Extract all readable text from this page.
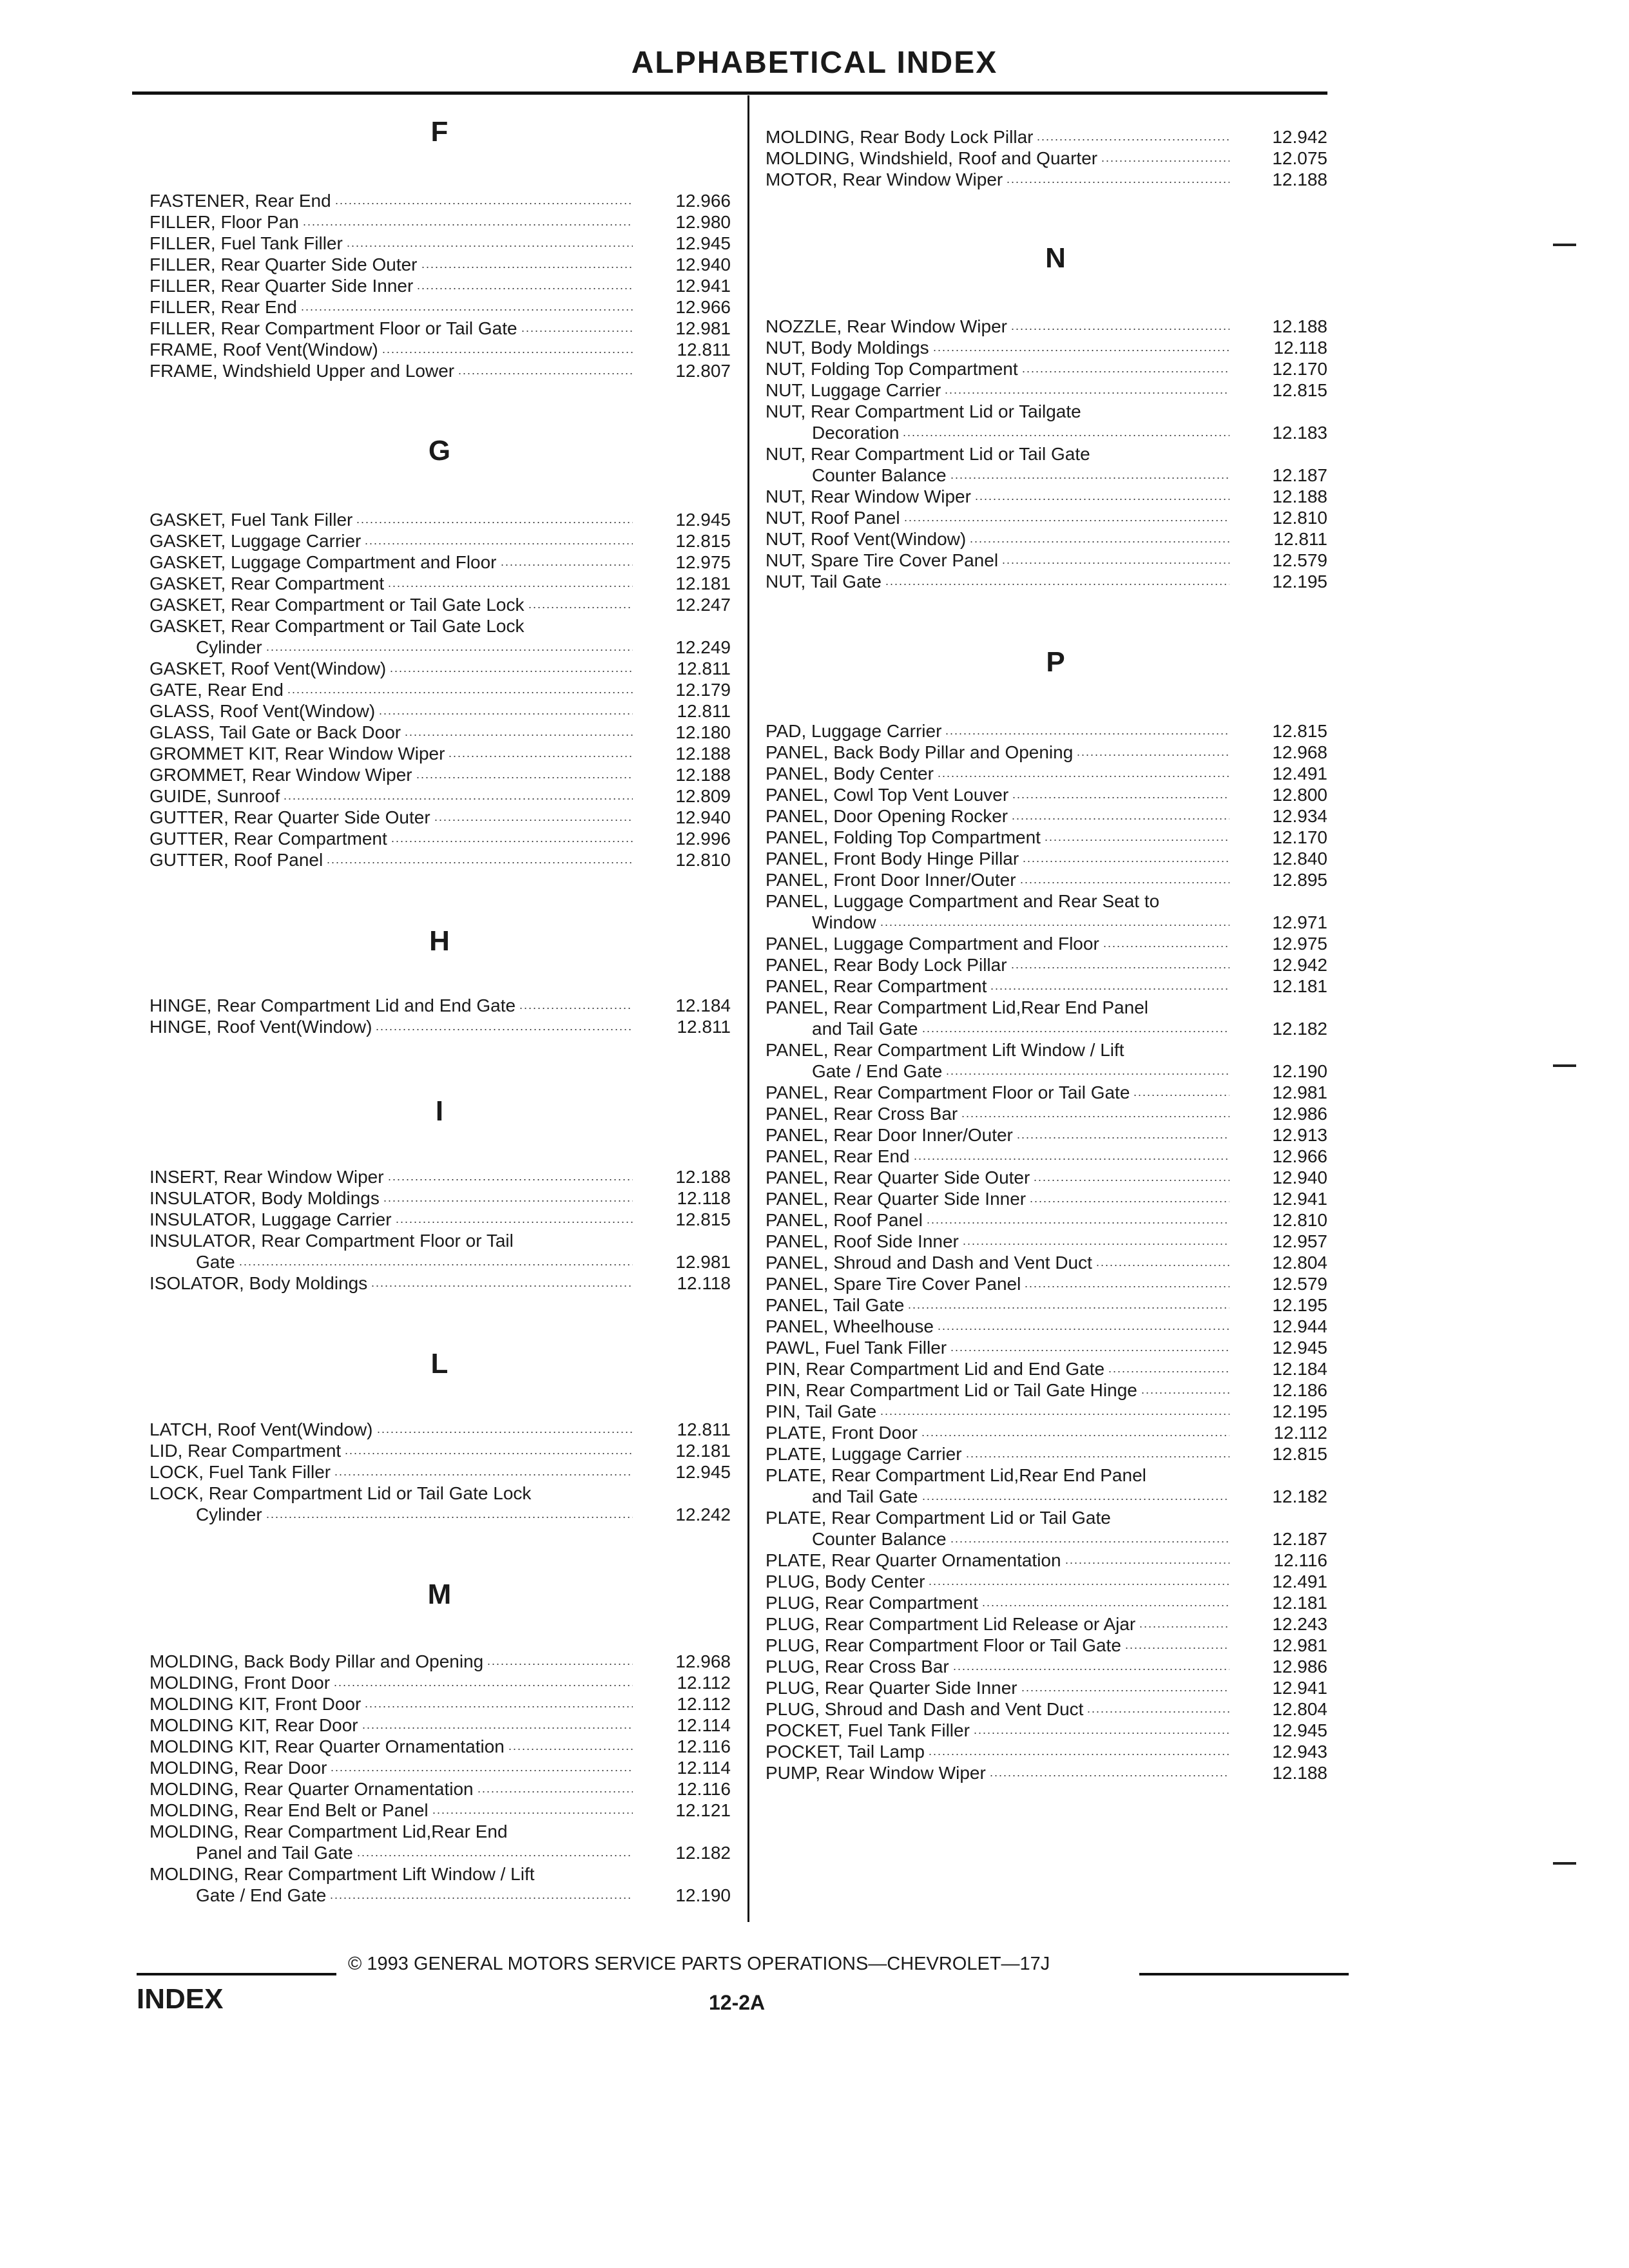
ALPHABETICAL INDEX
F
FASTENER, Rear End .....	12.966
FILLER, Floor Pan .....	12.980
FILLER, Fuel Tank Filler .....	12.945
FILLER, Rear Quarter Side Outer .....	12.940
FILLER, Rear Quarter Side Inner .....	12.941
FILLER, Rear End .....	12.966
FILLER, Rear Compartment Floor or Tail Gate .....	12.981
FRAME, Roof Vent(Window) .....	12.811
FRAME, Windshield Upper and Lower .....	12.807
G
GASKET, Fuel Tank Filler .....	12.945
GASKET, Luggage Carrier .....	12.815
GASKET, Luggage Compartment and Floor .....	12.975
GASKET, Rear Compartment .....	12.181
GASKET, Rear Compartment or Tail Gate Lock .....	12.247
GASKET, Rear Compartment or Tail Gate Lock
Cylinder .....	12.249
GASKET, Roof Vent(Window) .....	12.811
GATE, Rear End .....	12.179
GLASS, Roof Vent(Window) .....	12.811
GLASS, Tail Gate or Back Door .....	12.180
GROMMET KIT, Rear Window Wiper .....	12.188
GROMMET, Rear Window Wiper .....	12.188
GUIDE, Sunroof .....	12.809
GUTTER, Rear Quarter Side Outer .....	12.940
GUTTER, Rear Compartment .....	12.996
GUTTER, Roof Panel .....	12.810
H
HINGE, Rear Compartment Lid and End Gate .....	12.184
HINGE, Roof Vent(Window) .....	12.811
I
INSERT, Rear Window Wiper .....	12.188
INSULATOR, Body Moldings .....	12.118
INSULATOR, Luggage Carrier .....	12.815
INSULATOR, Rear Compartment Floor or Tail
Gate .....	12.981
ISOLATOR, Body Moldings .....	12.118
L
LATCH, Roof Vent(Window) .....	12.811
LID, Rear Compartment .....	12.181
LOCK, Fuel Tank Filler .....	12.945
LOCK, Rear Compartment Lid or Tail Gate Lock
Cylinder .....	12.242
M
MOLDING, Back Body Pillar and Opening .....	12.968
MOLDING, Front Door .....	12.112
MOLDING KIT, Front Door .....	12.112
MOLDING KIT, Rear Door .....	12.114
MOLDING KIT, Rear Quarter Ornamentation .....	12.116
MOLDING, Rear Door .....	12.114
MOLDING, Rear Quarter Ornamentation .....	12.116
MOLDING, Rear End Belt or Panel .....	12.121
MOLDING, Rear Compartment Lid,Rear End
Panel and Tail Gate .....	12.182
MOLDING, Rear Compartment Lift Window / Lift
Gate / End Gate .....	12.190
MOLDING, Rear Body Lock Pillar .....	12.942
MOLDING, Windshield, Roof and Quarter .....	12.075
MOTOR, Rear Window Wiper .....	12.188
N
NOZZLE, Rear Window Wiper .....	12.188
NUT, Body Moldings .....	12.118
NUT, Folding Top Compartment .....	12.170
NUT, Luggage Carrier .....	12.815
NUT, Rear Compartment Lid or Tailgate
Decoration .....	12.183
NUT, Rear Compartment Lid or Tail Gate
Counter Balance .....	12.187
NUT, Rear Window Wiper .....	12.188
NUT, Roof Panel .....	12.810
NUT, Roof Vent(Window) .....	12.811
NUT, Spare Tire Cover Panel .....	12.579
NUT, Tail Gate .....	12.195
P
PAD, Luggage Carrier .....	12.815
PANEL, Back Body Pillar and Opening .....	12.968
PANEL, Body Center .....	12.491
PANEL, Cowl Top Vent Louver .....	12.800
PANEL, Door Opening Rocker .....	12.934
PANEL, Folding Top Compartment .....	12.170
PANEL, Front Body Hinge Pillar .....	12.840
PANEL, Front Door Inner/Outer .....	12.895
PANEL, Luggage Compartment and Rear Seat to
Window .....	12.971
PANEL, Luggage Compartment and Floor .....	12.975
PANEL, Rear Body Lock Pillar .....	12.942
PANEL, Rear Compartment .....	12.181
PANEL, Rear Compartment Lid,Rear End Panel
and Tail Gate .....	12.182
PANEL, Rear Compartment Lift Window / Lift
Gate / End Gate .....	12.190
PANEL, Rear Compartment Floor or Tail Gate .....	12.981
PANEL, Rear Cross Bar .....	12.986
PANEL, Rear Door Inner/Outer .....	12.913
PANEL, Rear End .....	12.966
PANEL, Rear Quarter Side Outer .....	12.940
PANEL, Rear Quarter Side Inner .....	12.941
PANEL, Roof Panel .....	12.810
PANEL, Roof Side Inner .....	12.957
PANEL, Shroud and Dash and Vent Duct .....	12.804
PANEL, Spare Tire Cover Panel .....	12.579
PANEL, Tail Gate .....	12.195
PANEL, Wheelhouse .....	12.944
PAWL, Fuel Tank Filler .....	12.945
PIN, Rear Compartment Lid and End Gate .....	12.184
PIN, Rear Compartment Lid or Tail Gate Hinge .....	12.186
PIN, Tail Gate .....	12.195
PLATE, Front Door .....	12.112
PLATE, Luggage Carrier .....	12.815
PLATE, Rear Compartment Lid,Rear End Panel
and Tail Gate .....	12.182
PLATE, Rear Compartment Lid or Tail Gate
Counter Balance .....	12.187
PLATE, Rear Quarter Ornamentation .....	12.116
PLUG, Body Center .....	12.491
PLUG, Rear Compartment .....	12.181
PLUG, Rear Compartment Lid Release or Ajar .....	12.243
PLUG, Rear Compartment Floor or Tail Gate .....	12.981
PLUG, Rear Cross Bar .....	12.986
PLUG, Rear Quarter Side Inner .....	12.941
PLUG, Shroud and Dash and Vent Duct .....	12.804
POCKET, Fuel Tank Filler .....	12.945
POCKET, Tail Lamp .....	12.943
PUMP, Rear Window Wiper .....	12.188
© 1993 GENERAL MOTORS SERVICE PARTS OPERATIONS—CHEVROLET—17J
INDEX	12-2A
